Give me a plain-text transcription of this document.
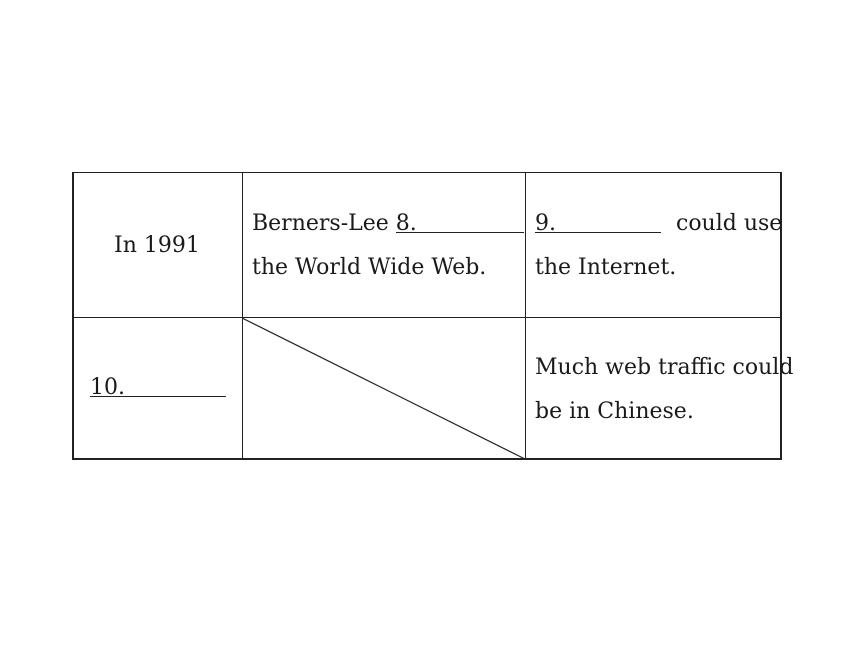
In 1991
Berners-Lee 8.
the World Wide Web.
9.	could use
the Internet.
10.
Much web traffic could
be in Chinese.
